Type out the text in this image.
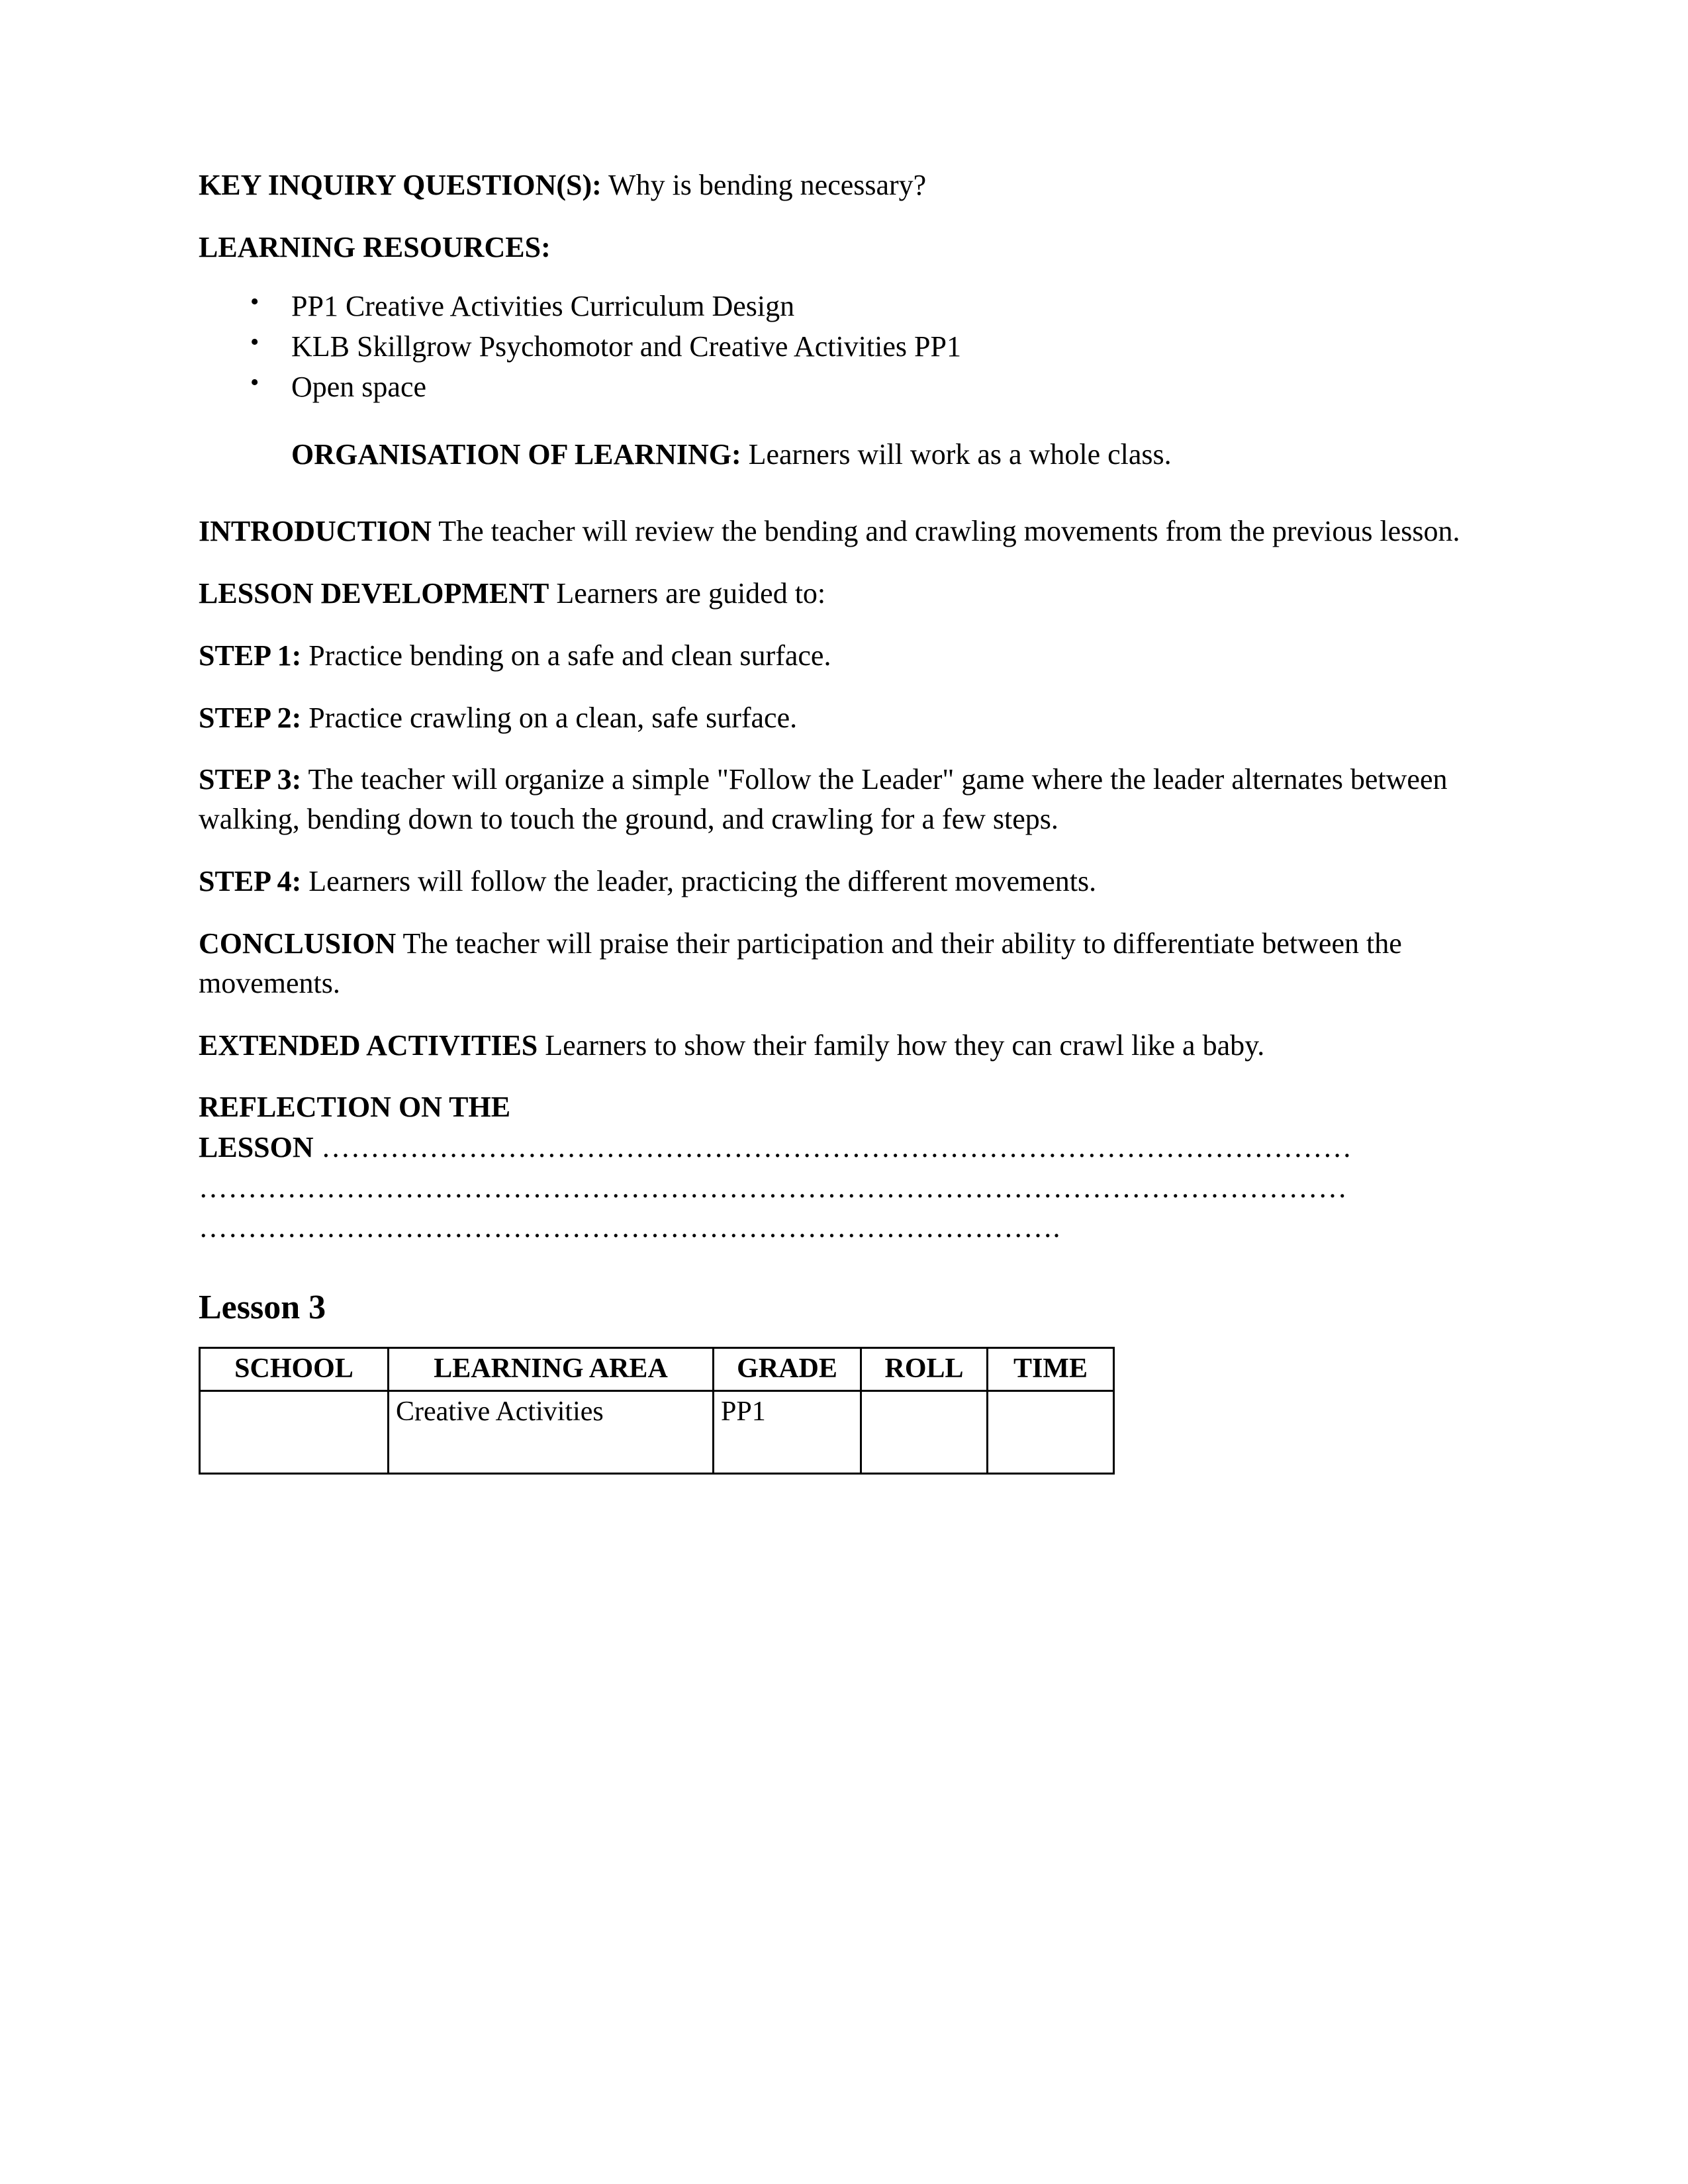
KEY INQUIRY QUESTION(S): Why is bending necessary?

LEARNING RESOURCES:

• PP1 Creative Activities Curriculum Design
• KLB Skillgrow Psychomotor and Creative Activities PP1
• Open space

ORGANISATION OF LEARNING: Learners will work as a whole class.

INTRODUCTION The teacher will review the bending and crawling movements from the previous lesson.

LESSON DEVELOPMENT Learners are guided to:

STEP 1: Practice bending on a safe and clean surface.

STEP 2: Practice crawling on a clean, safe surface.

STEP 3: The teacher will organize a simple "Follow the Leader" game where the leader alternates between walking, bending down to touch the ground, and crawling for a few steps.

STEP 4: Learners will follow the leader, practicing the different movements.

CONCLUSION The teacher will praise their participation and their ability to differentiate between the movements.

EXTENDED ACTIVITIES Learners to show their family how they can crawl like a baby.

REFLECTION ON THE
LESSON ……………………………………………………………………………………………
………………………………………………………………………………………………………
…………………………………………………………………………….
Lesson 3
SCHOOL	LEARNING AREA	GRADE	ROLL	TIME
	Creative Activities	PP1		
